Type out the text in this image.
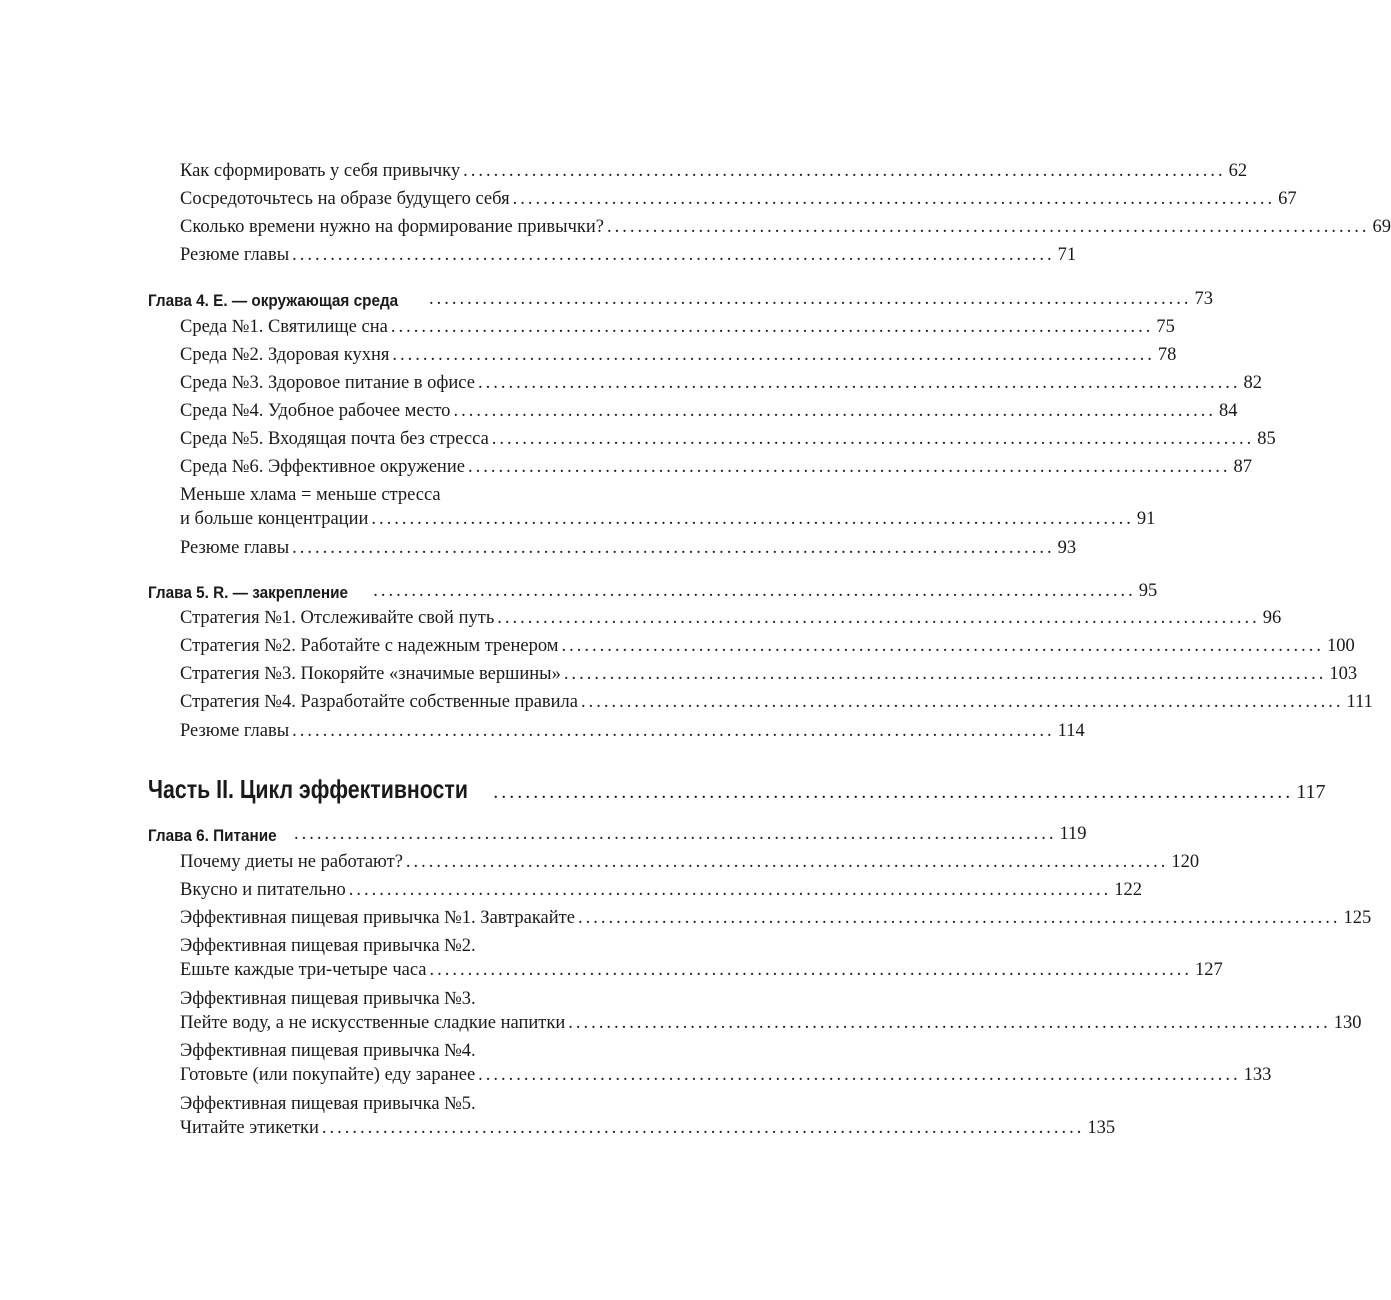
Как сформировать у себя привычку .................................................................................................... 62
Сосредоточьтесь на образе будущего себя .................................................................................................... 67
Сколько времени нужно на формирование привычки? .................................................................................................... 69
Резюме главы .................................................................................................... 71
Глава 4. E. — окружающая среда .................................................................................................... 73
Среда №1. Святилище сна .................................................................................................... 75
Среда №2. Здоровая кухня .................................................................................................... 78
Среда №3. Здоровое питание в офисе .................................................................................................... 82
Среда №4. Удобное рабочее место .................................................................................................... 84
Среда №5. Входящая почта без стресса .................................................................................................... 85
Среда №6. Эффективное окружение .................................................................................................... 87
Меньше хлама = меньше стресса
и больше концентрации .................................................................................................... 91
Резюме главы .................................................................................................... 93
Глава 5. R. — закрепление .................................................................................................... 95
Стратегия №1. Отслеживайте свой путь .................................................................................................... 96
Стратегия №2. Работайте с надежным тренером .................................................................................................... 100
Стратегия №3. Покоряйте «значимые вершины» .................................................................................................... 103
Стратегия №4. Разработайте собственные правила .................................................................................................... 111
Резюме главы .................................................................................................... 114
Часть II. Цикл эффективности .................................................................................................... 117
Глава 6. Питание .................................................................................................... 119
Почему диеты не работают? .................................................................................................... 120
Вкусно и питательно .................................................................................................... 122
Эффективная пищевая привычка №1. Завтракайте .................................................................................................... 125
Эффективная пищевая привычка №2.
Ешьте каждые три-четыре часа .................................................................................................... 127
Эффективная пищевая привычка №3.
Пейте воду, а не искусственные сладкие напитки .................................................................................................... 130
Эффективная пищевая привычка №4.
Готовьте (или покупайте) еду заранее .................................................................................................... 133
Эффективная пищевая привычка №5.
Читайте этикетки .................................................................................................... 135
